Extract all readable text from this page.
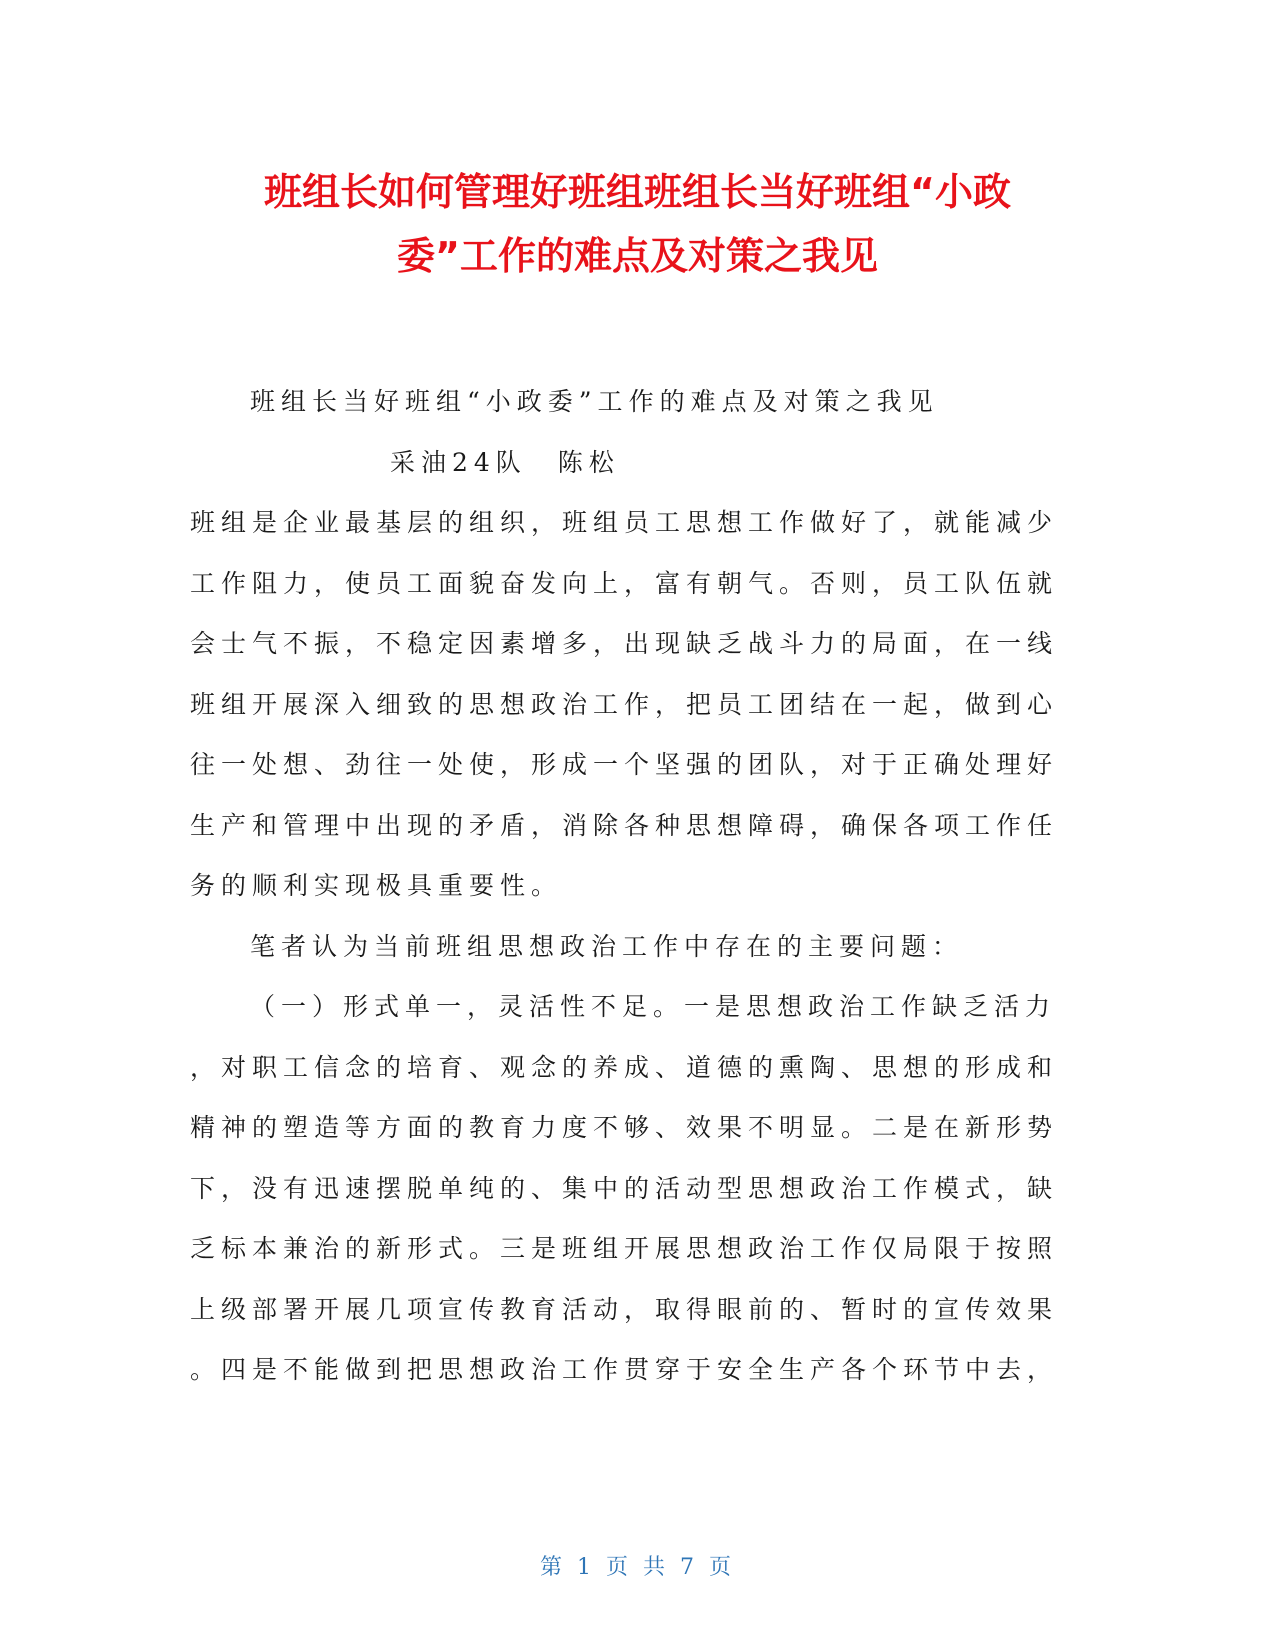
班组长如何管理好班组班组长当好班组“小政
委”工作的难点及对策之我见
班组长当好班组“小政委”工作的难点及对策之我见
采油24队　陈松
班组是企业最基层的组织，班组员工思想工作做好了，就能减少
工作阻力，使员工面貌奋发向上，富有朝气。否则，员工队伍就
会士气不振，不稳定因素增多，出现缺乏战斗力的局面，在一线
班组开展深入细致的思想政治工作，把员工团结在一起，做到心
往一处想、劲往一处使，形成一个坚强的团队，对于正确处理好
生产和管理中出现的矛盾，消除各种思想障碍，确保各项工作任
务的顺利实现极具重要性。
笔者认为当前班组思想政治工作中存在的主要问题：
（一）形式单一，灵活性不足。一是思想政治工作缺乏活力
，对职工信念的培育、观念的养成、道德的熏陶、思想的形成和
精神的塑造等方面的教育力度不够、效果不明显。二是在新形势
下，没有迅速摆脱单纯的、集中的活动型思想政治工作模式，缺
乏标本兼治的新形式。三是班组开展思想政治工作仅局限于按照
上级部署开展几项宣传教育活动，取得眼前的、暂时的宣传效果
。四是不能做到把思想政治工作贯穿于安全生产各个环节中去，
第 1 页 共 7 页
